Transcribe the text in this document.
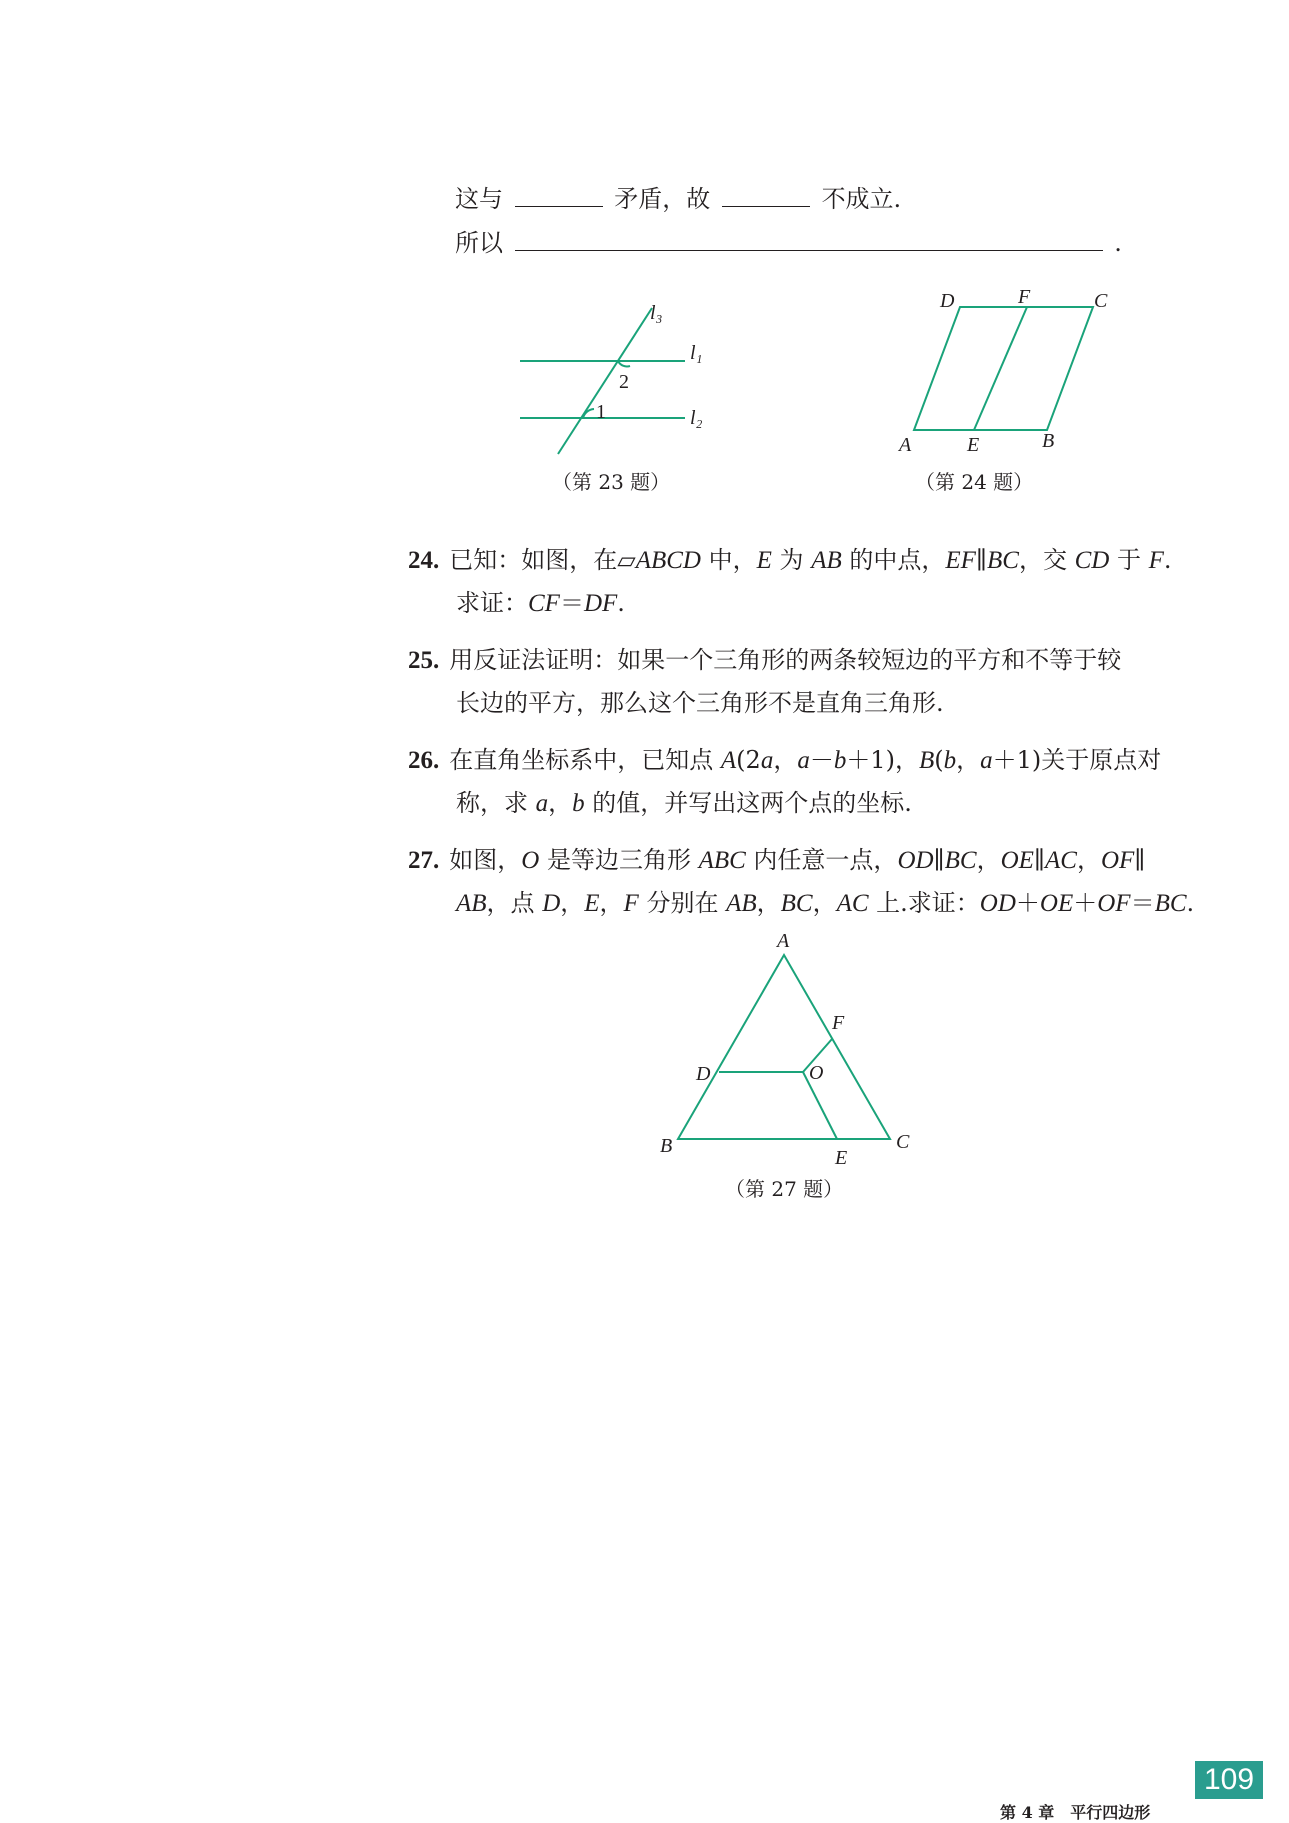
这与	矛盾，故	不成立.
所以	.
l₃
l₁
l₂
2
1
D	F	C
A	E	B
A
F
D	O
B
E
C
（第 23 题）	（第 24 题）
（第 27 题）
24. 已知：如图，在▱ABCD 中，E 为 AB 的中点，EF∥BC，交 CD 于 F.
求证：CF＝DF.
25. 用反证法证明：如果一个三角形的两条较短边的平方和不等于较
长边的平方，那么这个三角形不是直角三角形.
26. 在直角坐标系中，已知点 A(2a，a－b＋1)，B(b，a＋1)关于原点对
称，求 a，b 的值，并写出这两个点的坐标.
27. 如图，O 是等边三角形 ABC 内任意一点，OD∥BC，OE∥AC，OF∥
AB，点 D，E，F 分别在 AB，BC，AC 上.求证：OD＋OE＋OF＝BC.
第 4 章　平行四边形
109
